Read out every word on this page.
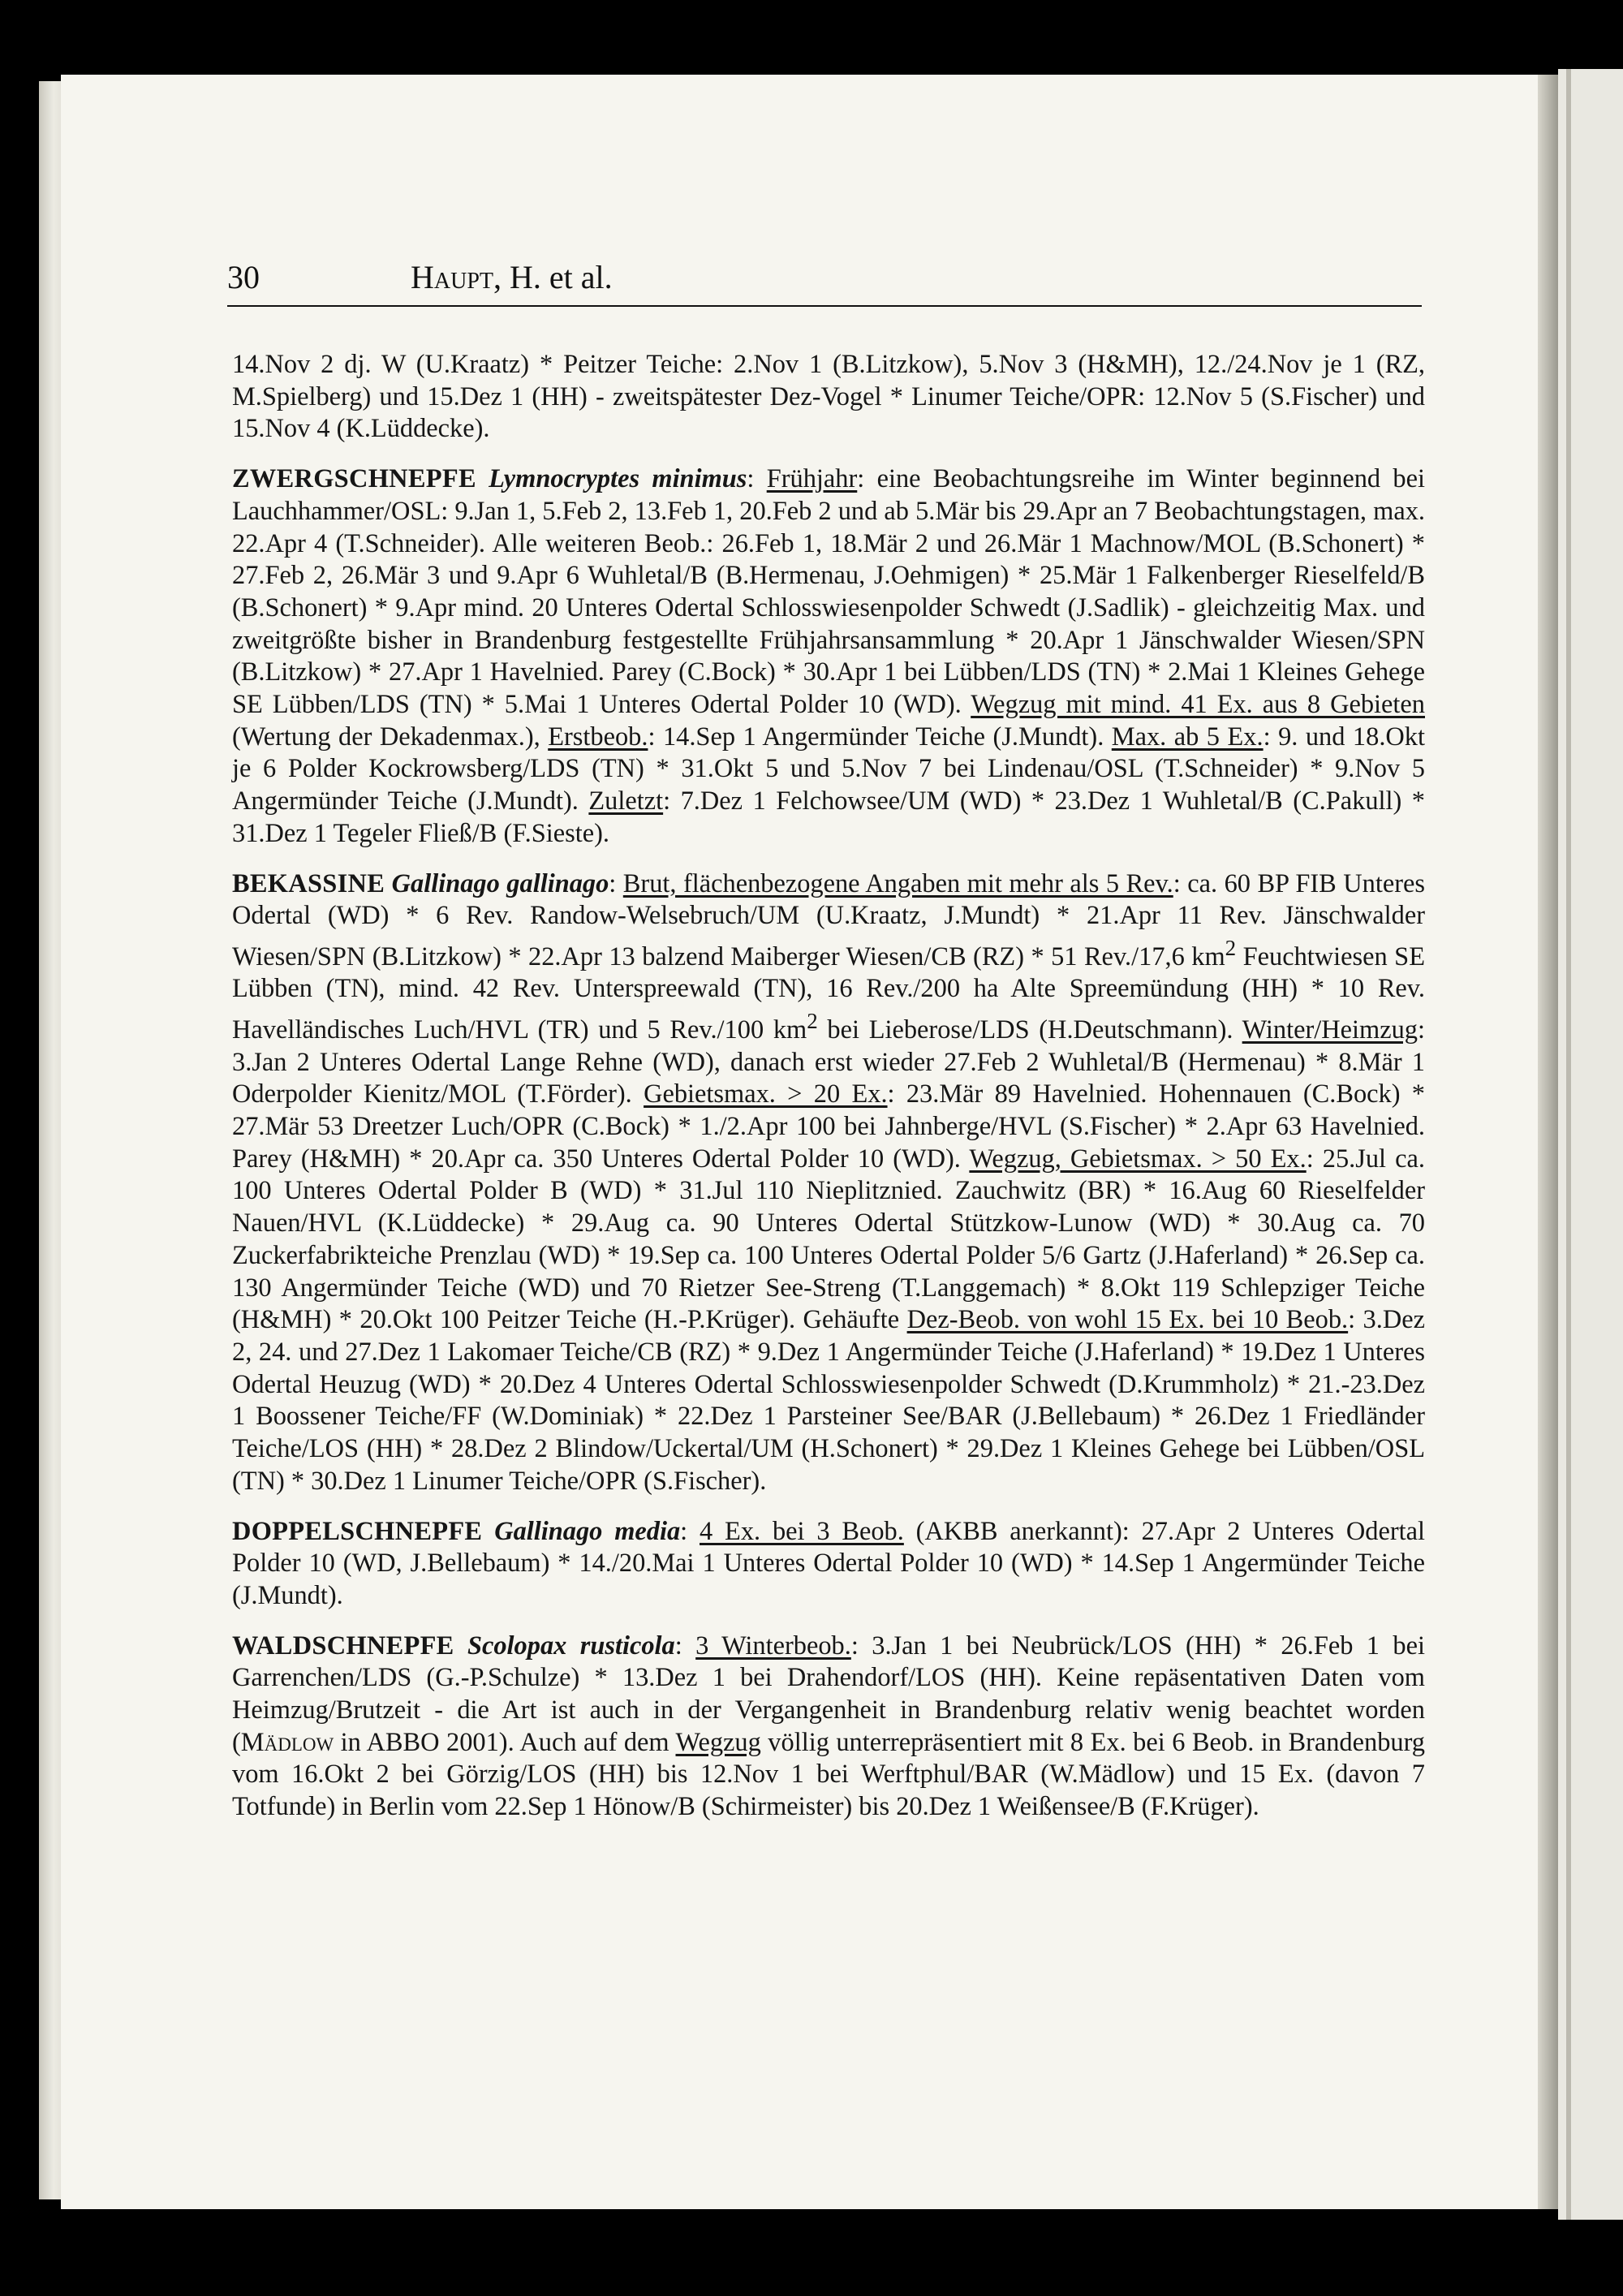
30	Haupt, H. et al.

14.Nov 2 dj. W (U.Kraatz) * Peitzer Teiche: 2.Nov 1 (B.Litzkow), 5.Nov 3 (H&MH), 12./24.Nov je 1 (RZ, M.Spielberg) und 15.Dez 1 (HH) - zweitspätester Dez-Vogel * Linumer Teiche/OPR: 12.Nov 5 (S.Fischer) und 15.Nov 4 (K.Lüddecke).

ZWERGSCHNEPFE Lymnocryptes minimus: Frühjahr: eine Beobachtungsreihe im Winter beginnend bei Lauchhammer/OSL: 9.Jan 1, 5.Feb 2, 13.Feb 1, 20.Feb 2 und ab 5.Mär bis 29.Apr an 7 Beobachtungstagen, max. 22.Apr 4 (T.Schneider). Alle weiteren Beob.: 26.Feb 1, 18.Mär 2 und 26.Mär 1 Machnow/MOL (B.Schonert) * 27.Feb 2, 26.Mär 3 und 9.Apr 6 Wuhletal/B (B.Hermenau, J.Oehmigen) * 25.Mär 1 Falkenberger Rieselfeld/B (B.Schonert) * 9.Apr mind. 20 Unteres Odertal Schlosswiesenpolder Schwedt (J.Sadlik) - gleichzeitig Max. und zweitgrößte bisher in Brandenburg festgestellte Frühjahrsansammlung * 20.Apr 1 Jänschwalder Wiesen/SPN (B.Litzkow) * 27.Apr 1 Havelnied. Parey (C.Bock) * 30.Apr 1 bei Lübben/LDS (TN) * 2.Mai 1 Kleines Gehege SE Lübben/LDS (TN) * 5.Mai 1 Unteres Odertal Polder 10 (WD). Wegzug mit mind. 41 Ex. aus 8 Gebieten (Wertung der Dekadenmax.), Erstbeob.: 14.Sep 1 Angermünder Teiche (J.Mundt). Max. ab 5 Ex.: 9. und 18.Okt je 6 Polder Kockrowsberg/LDS (TN) * 31.Okt 5 und 5.Nov 7 bei Lindenau/OSL (T.Schneider) * 9.Nov 5 Angermünder Teiche (J.Mundt). Zuletzt: 7.Dez 1 Felchowsee/UM (WD) * 23.Dez 1 Wuhletal/B (C.Pakull) * 31.Dez 1 Tegeler Fließ/B (F.Sieste).

BEKASSINE Gallinago gallinago: Brut, flächenbezogene Angaben mit mehr als 5 Rev.: ca. 60 BP FIB Unteres Odertal (WD) * 6 Rev. Randow-Welsebruch/UM (U.Kraatz, J.Mundt) * 21.Apr 11 Rev. Jänschwalder Wiesen/SPN (B.Litzkow) * 22.Apr 13 balzend Maiberger Wiesen/CB (RZ) * 51 Rev./17,6 $km^2$ Feuchtwiesen SE Lübben (TN), mind. 42 Rev. Unterspreewald (TN), 16 Rev./200 ha Alte Spreemündung (HH) * 10 Rev. Havelländisches Luch/HVL (TR) und 5 Rev./100 $km^2$ bei Lieberose/LDS (H.Deutschmann). Winter/Heimzug: 3.Jan 2 Unteres Odertal Lange Rehne (WD), danach erst wieder 27.Feb 2 Wuhletal/B (Hermenau) * 8.Mär 1 Oderpolder Kienitz/MOL (T.Förder). Gebietsmax. > 20 Ex.: 23.Mär 89 Havelnied. Hohennauen (C.Bock) * 27.Mär 53 Dreetzer Luch/OPR (C.Bock) * 1./2.Apr 100 bei Jahnberge/HVL (S.Fischer) * 2.Apr 63 Havelnied. Parey (H&MH) * 20.Apr ca. 350 Unteres Odertal Polder 10 (WD). Wegzug, Gebietsmax. > 50 Ex.: 25.Jul ca. 100 Unteres Odertal Polder B (WD) * 31.Jul 110 Nieplitznied. Zauchwitz (BR) * 16.Aug 60 Rieselfelder Nauen/HVL (K.Lüddecke) * 29.Aug ca. 90 Unteres Odertal Stützkow-Lunow (WD) * 30.Aug ca. 70 Zuckerfabrikteiche Prenzlau (WD) * 19.Sep ca. 100 Unteres Odertal Polder 5/6 Gartz (J.Haferland) * 26.Sep ca. 130 Angermünder Teiche (WD) und 70 Rietzer See-Streng (T.Langgemach) * 8.Okt 119 Schlepziger Teiche (H&MH) * 20.Okt 100 Peitzer Teiche (H.-P.Krüger). Gehäufte Dez-Beob. von wohl 15 Ex. bei 10 Beob.: 3.Dez 2, 24. und 27.Dez 1 Lakomaer Teiche/CB (RZ) * 9.Dez 1 Angermünder Teiche (J.Haferland) * 19.Dez 1 Unteres Odertal Heuzug (WD) * 20.Dez 4 Unteres Odertal Schlosswiesenpolder Schwedt (D.Krummholz) * 21.-23.Dez 1 Boossener Teiche/FF (W.Dominiak) * 22.Dez 1 Parsteiner See/BAR (J.Bellebaum) * 26.Dez 1 Friedländer Teiche/LOS (HH) * 28.Dez 2 Blindow/Uckertal/UM (H.Schonert) * 29.Dez 1 Kleines Gehege bei Lübben/OSL (TN) * 30.Dez 1 Linumer Teiche/OPR (S.Fischer).

DOPPELSCHNEPFE Gallinago media: 4 Ex. bei 3 Beob. (AKBB anerkannt): 27.Apr 2 Unteres Odertal Polder 10 (WD, J.Bellebaum) * 14./20.Mai 1 Unteres Odertal Polder 10 (WD) * 14.Sep 1 Angermünder Teiche (J.Mundt).

WALDSCHNEPFE Scolopax rusticola: 3 Winterbeob.: 3.Jan 1 bei Neubrück/LOS (HH) * 26.Feb 1 bei Garrenchen/LDS (G.-P.Schulze) * 13.Dez 1 bei Drahendorf/LOS (HH). Keine repäsentativen Daten vom Heimzug/Brutzeit - die Art ist auch in der Vergangenheit in Brandenburg relativ wenig beachtet worden (Mädlow in ABBO 2001). Auch auf dem Wegzug völlig unterrepräsentiert mit 8 Ex. bei 6 Beob. in Brandenburg vom 16.Okt 2 bei Görzig/LOS (HH) bis 12.Nov 1 bei Werftphul/BAR (W.Mädlow) und 15 Ex. (davon 7 Totfunde) in Berlin vom 22.Sep 1 Hönow/B (Schirmeister) bis 20.Dez 1 Weißensee/B (F.Krüger).
